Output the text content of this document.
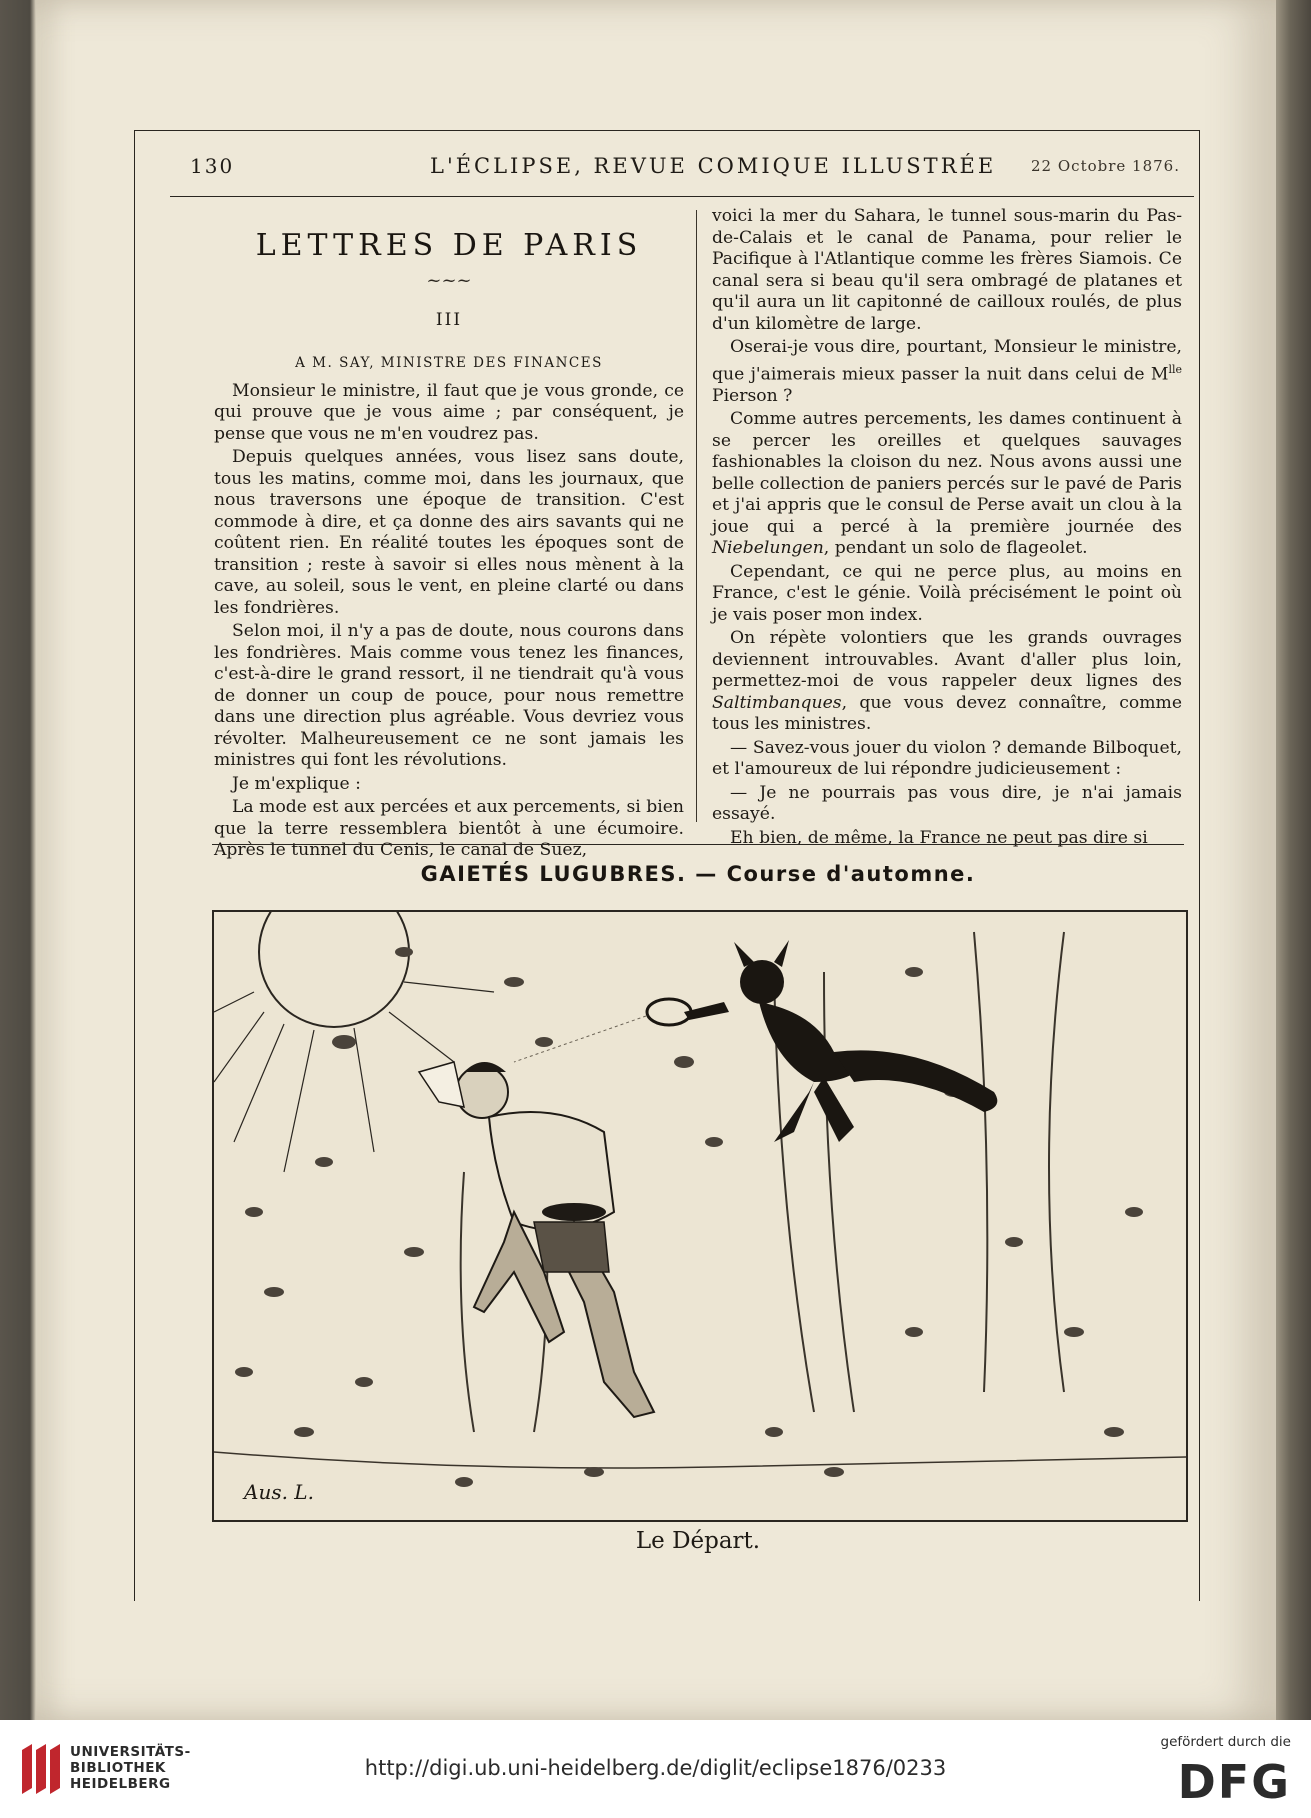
130	L'ÉCLIPSE, REVUE COMIQUE ILLUSTRÉE 22 Octobre 1876.
LETTRES DE PARIS
~~~
III
A M. SAY, MINISTRE DES FINANCES

Monsieur le ministre, il faut que je vous gronde, ce qui prouve que je vous aime ; par conséquent, je pense que vous ne m'en voudrez pas.

Depuis quelques années, vous lisez sans doute, tous les matins, comme moi, dans les journaux, que nous traversons une époque de transition. C'est commode à dire, et ça donne des airs savants qui ne coûtent rien. En réalité toutes les époques sont de transition ; reste à savoir si elles nous mènent à la cave, au soleil, sous le vent, en pleine clarté ou dans les fondrières.

Selon moi, il n'y a pas de doute, nous courons dans les fondrières. Mais comme vous tenez les finances, c'est-à-dire le grand ressort, il ne tiendrait qu'à vous de donner un coup de pouce, pour nous remettre dans une direction plus agréable. Vous devriez vous révolter. Malheureusement ce ne sont jamais les ministres qui font les révolutions.

Je m'explique :

La mode est aux percées et aux percements, si bien que la terre ressemblera bientôt à une écumoire. Après le tunnel du Cenis, le canal de Suez,

voici la mer du Sahara, le tunnel sous-marin du Pas-de-Calais et le canal de Panama, pour relier le Pacifique à l'Atlantique comme les frères Siamois. Ce canal sera si beau qu'il sera ombragé de platanes et qu'il aura un lit capitonné de cailloux roulés, de plus d'un kilomètre de large.

Oserai-je vous dire, pourtant, Monsieur le ministre, que j'aimerais mieux passer la nuit dans celui de $M^{lle}$ Pierson ?

Comme autres percements, les dames continuent à se percer les oreilles et quelques sauvages fashionables la cloison du nez. Nous avons aussi une belle collection de paniers percés sur le pavé de Paris et j'ai appris que le consul de Perse avait un clou à la joue qui a percé à la première journée des Niebelungen, pendant un solo de flageolet.

Cependant, ce qui ne perce plus, au moins en France, c'est le génie. Voilà précisément le point où je vais poser mon index.

On répète volontiers que les grands ouvrages deviennent introuvables. Avant d'aller plus loin, permettez-moi de vous rappeler deux lignes des Saltimbanques, que vous devez connaître, comme tous les ministres.

— Savez-vous jouer du violon ? demande Bilboquet, et l'amoureux de lui répondre judicieusement :

— Je ne pourrais pas vous dire, je n'ai jamais essayé.

Eh bien, de même, la France ne peut pas dire si

GAIETÉS LUGUBRES. — Course d'automne.
Aus. L.
Le Départ.
UNIVERSITÄTS-
BIBLIOTHEK
HEIDELBERG
http://digi.ub.uni-heidelberg.de/diglit/eclipse1876/0233
gefördert durch die
DFG
